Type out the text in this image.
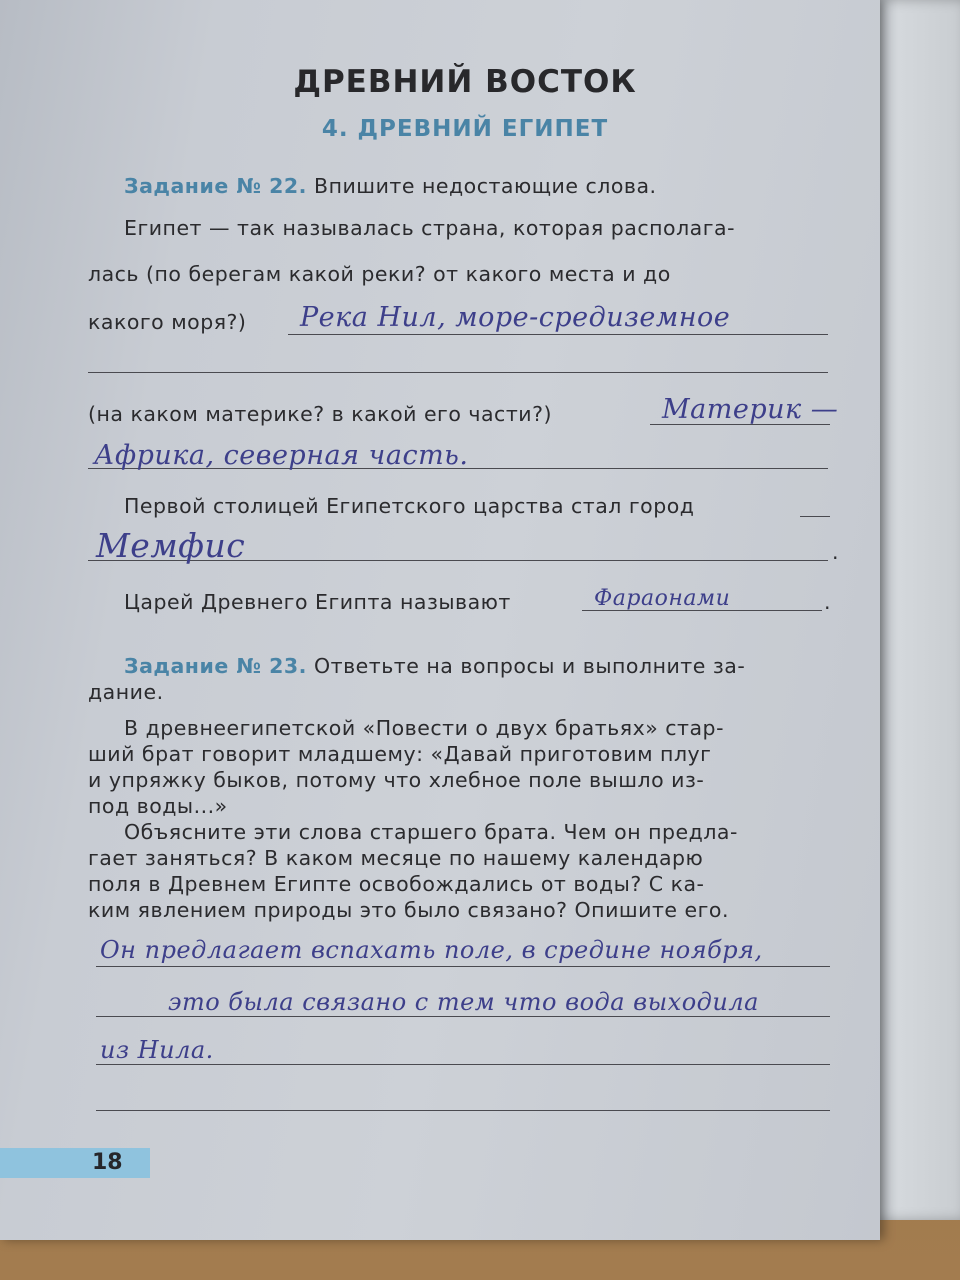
ДРЕВНИЙ ВОСТОК
4. ДРЕВНИЙ ЕГИПЕТ
Задание № 22. Впишите недостающие слова.
Египет — так называлась страна, которая располага-
лась (по берегам какой реки? от какого места и до
какого моря?) Река Нил, море-средиземное
(на каком материке? в какой его части?)	Материк —
Африка, северная часть.
Первой столицей Египетского царства стал город
Мемфис	.
Царей Древнего Египта называют	Фараонами	.
Задание № 23. Ответьте на вопросы и выполните за-
дание.
В древнеегипетской «Повести о двух братьях» стар-
ший брат говорит младшему: «Давай приготовим плуг
и упряжку быков, потому что хлебное поле вышло из-
под воды...»
Объясните эти слова старшего брата. Чем он предла-
гает заняться? В каком месяце по нашему календарю
поля в Древнем Египте освобождались от воды? С ка-
ким явлением природы это было связано? Опишите его.
Он предлагает вспахать поле, в средине ноября,
это была связано с тем что вода выходила
из Нила.
18
